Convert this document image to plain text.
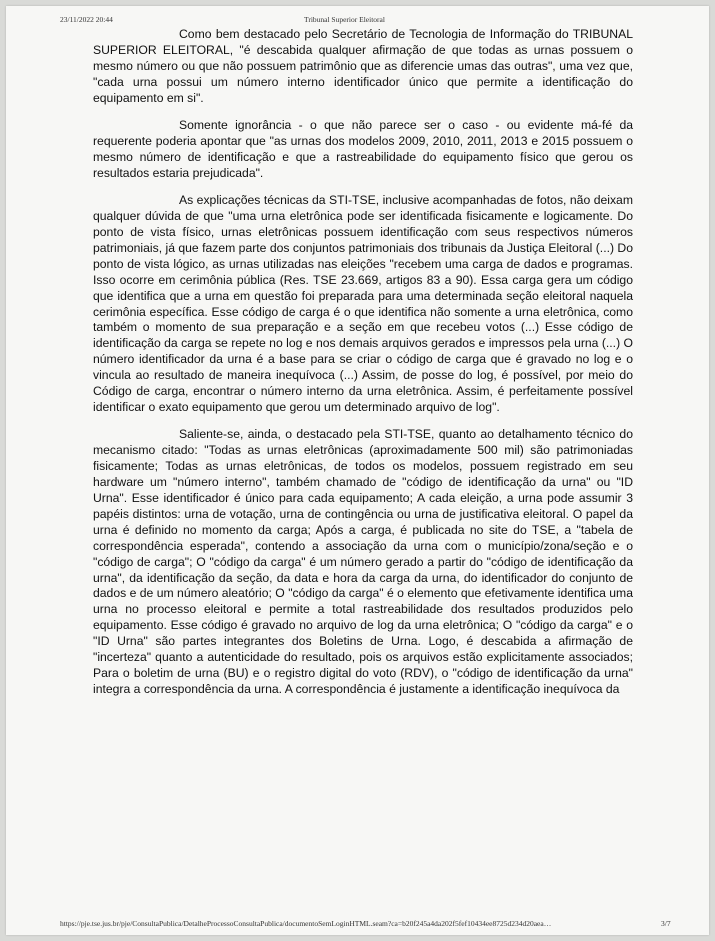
23/11/2022 20:44	Tribunal Superior Eleitoral

Como bem destacado pelo Secretário de Tecnologia de Informação do TRIBUNAL SUPERIOR ELEITORAL, "é descabida qualquer afirmação de que todas as urnas possuem o mesmo número ou que não possuem patrimônio que as diferencie umas das outras", uma vez que, "cada urna possui um número interno identificador único que permite a identificação do equipamento em si".

Somente ignorância - o que não parece ser o caso - ou evidente má-fé da requerente poderia apontar que "as urnas dos modelos 2009, 2010, 2011, 2013 e 2015 possuem o mesmo número de identificação e que a rastreabilidade do equipamento físico que gerou os resultados estaria prejudicada".

As explicações técnicas da STI-TSE, inclusive acompanhadas de fotos, não deixam qualquer dúvida de que "uma urna eletrônica pode ser identificada fisicamente e logicamente. Do ponto de vista físico, urnas eletrônicas possuem identificação com seus respectivos números patrimoniais, já que fazem parte dos conjuntos patrimoniais dos tribunais da Justiça Eleitoral (...) Do ponto de vista lógico, as urnas utilizadas nas eleições "recebem uma carga de dados e programas. Isso ocorre em cerimônia pública (Res. TSE 23.669, artigos 83 a 90). Essa carga gera um código que identifica que a urna em questão foi preparada para uma determinada seção eleitoral naquela cerimônia específica. Esse código de carga é o que identifica não somente a urna eletrônica, como também o momento de sua preparação e a seção em que recebeu votos (...) Esse código de identificação da carga se repete no log e nos demais arquivos gerados e impressos pela urna (...) O número identificador da urna é a base para se criar o código de carga que é gravado no log e o vincula ao resultado de maneira inequívoca (...) Assim, de posse do log, é possível, por meio do Código de carga, encontrar o número interno da urna eletrônica. Assim, é perfeitamente possível identificar o exato equipamento que gerou um determinado arquivo de log".

Saliente-se, ainda, o destacado pela STI-TSE, quanto ao detalhamento técnico do mecanismo citado: "Todas as urnas eletrônicas (aproximadamente 500 mil) são patrimoniadas fisicamente; Todas as urnas eletrônicas, de todos os modelos, possuem registrado em seu hardware um "número interno", também chamado de "código de identificação da urna" ou "ID Urna". Esse identificador é único para cada equipamento; A cada eleição, a urna pode assumir 3 papéis distintos: urna de votação, urna de contingência ou urna de justificativa eleitoral. O papel da urna é definido no momento da carga; Após a carga, é publicada no site do TSE, a "tabela de correspondência esperada", contendo a associação da urna com o município/zona/seção e o "código de carga"; O "código da carga" é um número gerado a partir do "código de identificação da urna", da identificação da seção, da data e hora da carga da urna, do identificador do conjunto de dados e de um número aleatório; O "código da carga" é o elemento que efetivamente identifica uma urna no processo eleitoral e permite a total rastreabilidade dos resultados produzidos pelo equipamento. Esse código é gravado no arquivo de log da urna eletrônica; O "código da carga" e o "ID Urna" são partes integrantes dos Boletins de Urna. Logo, é descabida a afirmação de "incerteza" quanto a autenticidade do resultado, pois os arquivos estão explicitamente associados; Para o boletim de urna (BU) e o registro digital do voto (RDV), o "código de identificação da urna" integra a correspondência da urna. A correspondência é justamente a identificação inequívoca da

https://pje.tse.jus.br/pje/ConsultaPublica/DetalheProcessoConsultaPublica/documentoSemLoginHTML.seam?ca=b20f245a4da202f5fef10434ee8725d234d20aea…	3/7
